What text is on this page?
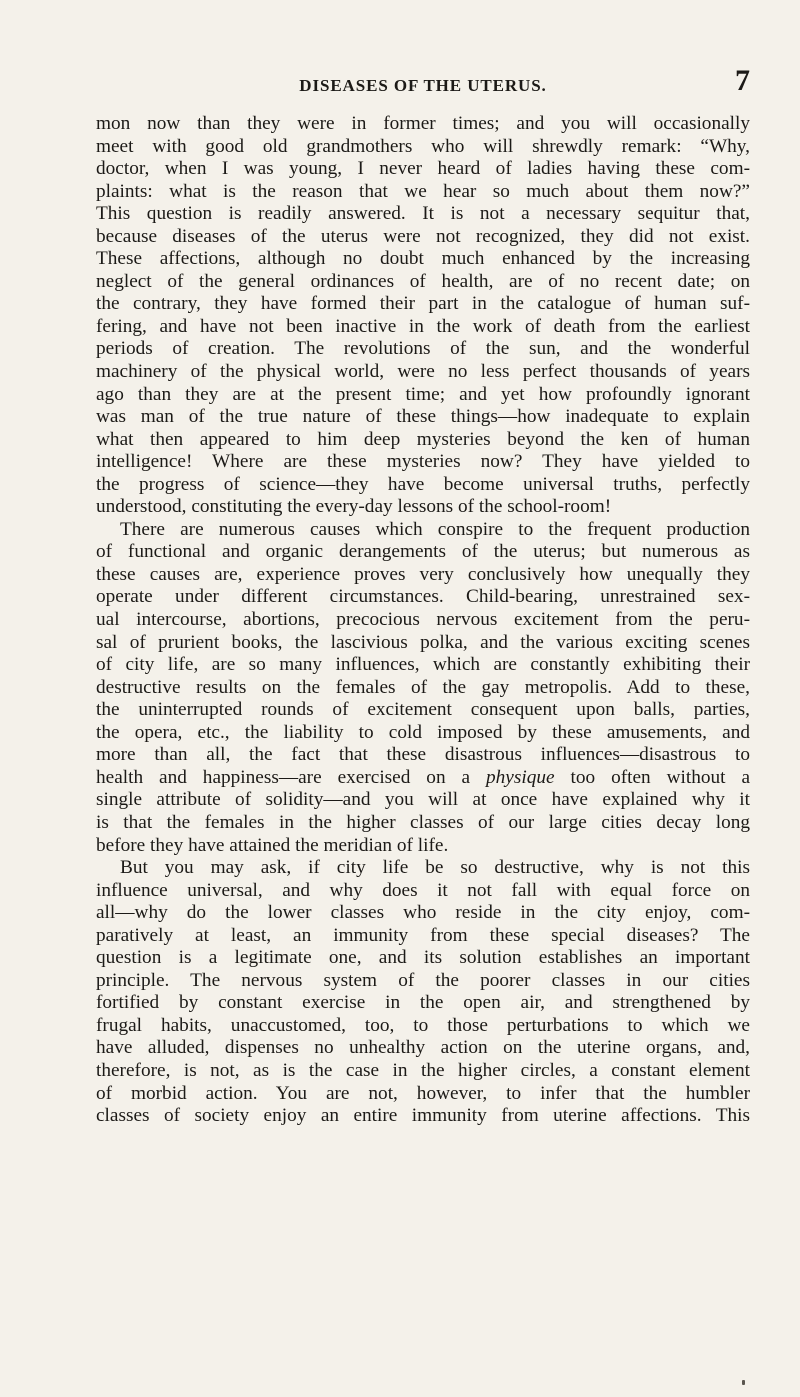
DISEASES OF THE UTERUS.	7
mon now than they were in former times; and you will occasionally
meet with good old grandmothers who will shrewdly remark: “Why,
doctor, when I was young, I never heard of ladies having these com-
plaints: what is the reason that we hear so much about them now?”
This question is readily answered. It is not a necessary sequitur that,
because diseases of the uterus were not recognized, they did not exist.
These affections, although no doubt much enhanced by the increasing
neglect of the general ordinances of health, are of no recent date; on
the contrary, they have formed their part in the catalogue of human suf-
fering, and have not been inactive in the work of death from the earliest
periods of creation. The revolutions of the sun, and the wonderful
machinery of the physical world, were no less perfect thousands of years
ago than they are at the present time; and yet how profoundly ignorant
was man of the true nature of these things—how inadequate to explain
what then appeared to him deep mysteries beyond the ken of human
intelligence! Where are these mysteries now? They have yielded to
the progress of science—they have become universal truths, perfectly
understood, constituting the every-day lessons of the school-room!
There are numerous causes which conspire to the frequent production
of functional and organic derangements of the uterus; but numerous as
these causes are, experience proves very conclusively how unequally they
operate under different circumstances. Child-bearing, unrestrained sex-
ual intercourse, abortions, precocious nervous excitement from the peru-
sal of prurient books, the lascivious polka, and the various exciting scenes
of city life, are so many influences, which are constantly exhibiting their
destructive results on the females of the gay metropolis. Add to these,
the uninterrupted rounds of excitement consequent upon balls, parties,
the opera, etc., the liability to cold imposed by these amusements, and
more than all, the fact that these disastrous influences—disastrous to
health and happiness—are exercised on a physique too often without a
single attribute of solidity—and you will at once have explained why it
is that the females in the higher classes of our large cities decay long
before they have attained the meridian of life.
But you may ask, if city life be so destructive, why is not this
influence universal, and why does it not fall with equal force on
all—why do the lower classes who reside in the city enjoy, com-
paratively at least, an immunity from these special diseases? The
question is a legitimate one, and its solution establishes an important
principle. The nervous system of the poorer classes in our cities
fortified by constant exercise in the open air, and strengthened by
frugal habits, unaccustomed, too, to those perturbations to which we
have alluded, dispenses no unhealthy action on the uterine organs, and,
therefore, is not, as is the case in the higher circles, a constant element
of morbid action. You are not, however, to infer that the humbler
classes of society enjoy an entire immunity from uterine affections. This
